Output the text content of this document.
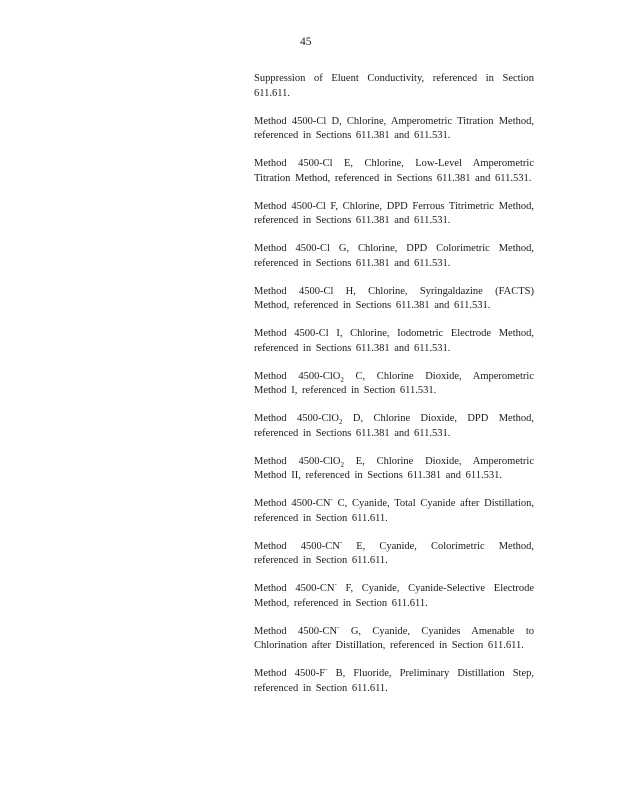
45

Suppression of Eluent Conductivity, referenced in Section 611.611.

Method 4500-Cl D, Chlorine, Amperometric Titration Method, referenced in Sections 611.381 and 611.531.

Method 4500-Cl E, Chlorine, Low-Level Amperometric Titration Method, referenced in Sections 611.381 and 611.531.

Method 4500-Cl F, Chlorine, DPD Ferrous Titrimetric Method, referenced in Sections 611.381 and 611.531.

Method 4500-Cl G, Chlorine, DPD Colorimetric Method, referenced in Sections 611.381 and 611.531.

Method 4500-Cl H, Chlorine, Syringaldazine (FACTS) Method, referenced in Sections 611.381 and 611.531.

Method 4500-Cl I, Chlorine, Iodometric Electrode Method, referenced in Sections 611.381 and 611.531.

Method 4500-ClO$_2$ C, Chlorine Dioxide, Amperometric Method I, referenced in Section 611.531.

Method 4500-ClO$_2$ D, Chlorine Dioxide, DPD Method, referenced in Sections 611.381 and 611.531.

Method 4500-ClO$_2$ E, Chlorine Dioxide, Amperometric Method II, referenced in Sections 611.381 and 611.531.

Method 4500-CN- C, Cyanide, Total Cyanide after Distillation, referenced in Section 611.611.

Method 4500-CN- E, Cyanide, Colorimetric Method, referenced in Section 611.611.

Method 4500-CN- F, Cyanide, Cyanide-Selective Electrode Method, referenced in Section 611.611.

Method 4500-CN- G, Cyanide, Cyanides Amenable to Chlorination after Distillation, referenced in Section 611.611.

Method 4500-F- B, Fluoride, Preliminary Distillation Step, referenced in Section 611.611.
